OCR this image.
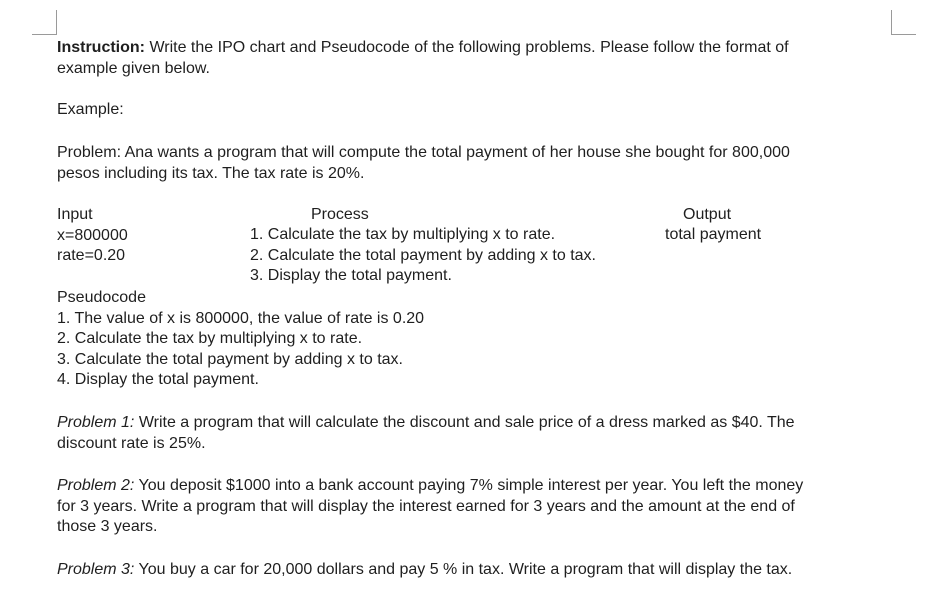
Instruction: Write the IPO chart and Pseudocode of the following problems. Please follow the format of
example given below.
Example:
Problem: Ana wants a program that will compute the total payment of her house she bought for 800,000
pesos including its tax. The tax rate is 20%.
Input
x=800000
rate=0.20
Process
1. Calculate the tax by multiplying x to rate.
2. Calculate the total payment by adding x to tax.
3. Display the total payment.
Output
total payment
Pseudocode
1. The value of x is 800000, the value of rate is 0.20
2. Calculate the tax by multiplying x to rate.
3. Calculate the total payment by adding x to tax.
4. Display the total payment.
Problem 1: Write a program that will calculate the discount and sale price of a dress marked as $40. The
discount rate is 25%.
Problem 2: You deposit $1000 into a bank account paying 7% simple interest per year. You left the money
for 3 years. Write a program that will display the interest earned for 3 years and the amount at the end of
those 3 years.
Problem 3: You buy a car for 20,000 dollars and pay 5 % in tax. Write a program that will display the tax.
